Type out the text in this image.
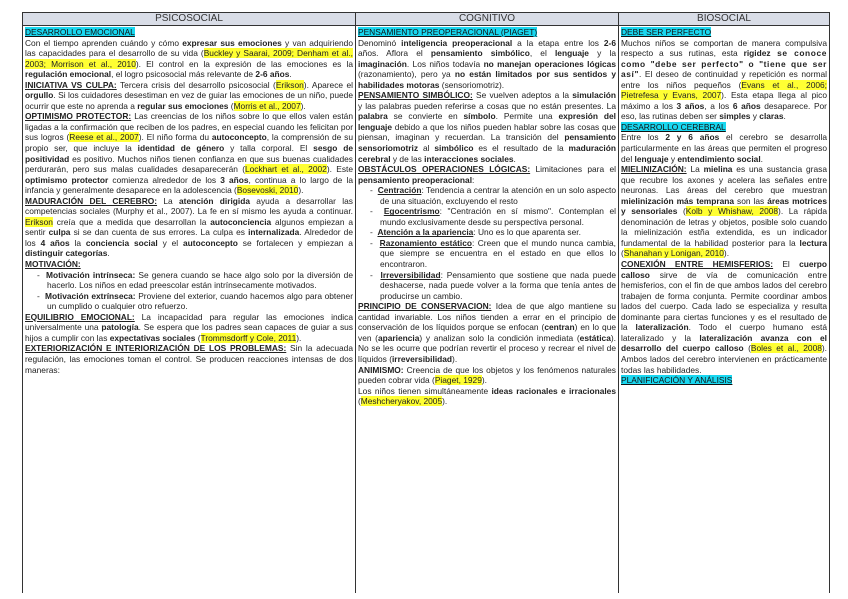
PSICOSOCIAL

DESARROLLO EMOCIONAL
Con el tiempo aprenden cuándo y cómo expresar sus emociones y van adquiriendo las capacidades para el desarrollo de su vida (Buckley y Saarai, 2009; Denham et al., 2003; Morrison et al., 2010). El control en la expresión de las emociones es la regulación emocional, el logro psicosocial más relevante de 2-6 años.

INICIATIVA VS CULPA: Tercera crisis del desarrollo psicosocial (Erikson). Aparece el orgullo. Si los cuidadores desestiman en vez de guiar las emociones de un niño, puede ocurrir que este no aprenda a regular sus emociones (Morris et al., 2007).

OPTIMISMO PROTECTOR: Las creencias de los niños sobre lo que ellos valen están ligadas a la confirmación que reciben de los padres, en especial cuando les felicitan por sus logros (Reese et al., 2007). El niño forma du autoconcepto, la comprensión de su propio ser, que incluye la identidad de género y talla corporal. El sesgo de positividad es positivo. Muchos niños tienen confianza en que sus buenas cualidades perdurarán, pero sus malas cualidades desaparecerán (Lockhart et al., 2002). Este optimismo protector comienza alrededor de los 3 años, continua a lo largo de la infancia y generalmente desaparece en la adolescencia (Bosevoski, 2010).

MADURACIÓN DEL CEREBRO: La atención dirigida ayuda a desarrollar las competencias sociales (Murphy et al., 2007). La fe en sí mismo les ayuda a continuar. Erikson creía que a medida que desarrollan la autoconciencia algunos empiezan a sentir culpa si se dan cuenta de sus errores. La culpa es internalizada. Alrededor de los 4 años la conciencia social y el autoconcepto se fortalecen y empiezan a distinguir categorías.

MOTIVACIÓN:

-  Motivación intrínseca: Se genera cuando se hace algo solo por la diversión de hacerlo. Los niños en edad preescolar están intrínsecamente motivados.

-  Motivación extrínseca: Proviene del exterior, cuando hacemos algo para obtener un cumplido o cualquier otro refuerzo.

EQUILIBRIO EMOCIONAL: La incapacidad para regular las emociones indica universalmente una patología. Se espera que los padres sean capaces de guiar a sus hijos a cumplir con las expectativas sociales (Trommsdorff y Cole, 2011).

EXTERIORIZACIÓN E INTERIORIZACIÓN DE LOS PROBLEMAS: Sin la adecuada regulación, las emociones toman el control. Se producen reacciones intensas de dos maneras:

COGNITIVO

PENSAMIENTO PREOPERACIONAL (PIAGET)
Denominó inteligencia preoperacional a la etapa entre los 2-6 años. Aflora el pensamiento simbólico, el lenguaje y la imaginación. Los niños todavía no manejan operaciones lógicas (razonamiento), pero ya no están limitados por sus sentidos y habilidades motoras (sensoriomotriz).

PENSAMIENTO SIMBÓLICO: Se vuelven adeptos a la simulación y las palabras pueden referirse a cosas que no están presentes. La palabra se convierte en símbolo. Permite una expresión del lenguaje debido a que los niños pueden hablar sobre las cosas que piensan, imaginan y recuerdan. La transición del pensamiento sensoriomotriz al simbólico es el resultado de la maduración cerebral y de las interacciones sociales.

OBSTÁCULOS OPERACIONES LÓGICAS: Limitaciones para el pensamiento preoperacional:

-  Centración: Tendencia a centrar la atención en un solo aspecto de una situación, excluyendo el resto

-  Egocentrismo: "Centración en sí mismo". Contemplan el mundo exclusivamente desde su perspectiva personal.

-  Atención a la apariencia: Uno es lo que aparenta ser.

-  Razonamiento estático: Creen que el mundo nunca cambia, que siempre se encuentra en el estado en que ellos lo encontraron.

-  Irreversibilidad: Pensamiento que sostiene que nada puede deshacerse, nada puede volver a la forma que tenía antes de producirse un cambio.

PRINCIPIO DE CONSERVACION: Idea de que algo mantiene su cantidad invariable. Los niños tienden a errar en el principio de conservación de los líquidos porque se enfocan (centran) en lo que ven (apariencia) y analizan solo la condición inmediata (estática). No se les ocurre que podrían revertir el proceso y recrear el nivel de líquidos (irreversibilidad).

ANIMISMO: Creencia de que los objetos y los fenómenos naturales pueden cobrar vida (Piaget, 1929).

Los niños tienen simultáneamente ideas racionales e irracionales (Meshcheryakov, 2005).

BIOSOCIAL

DEBE SER PERFECTO
Muchos niños se comportan de manera compulsiva respecto a sus rutinas, esta rigidez se conoce como "debe ser perfecto" o "tiene que ser así". El deseo de continuidad y repetición es normal entre los niños pequeños (Evans et al., 2006; Pietrefesa y Evans, 2007). Esta etapa llega al pico máximo a los 3 años, a los 6 años desaparece. Por eso, las rutinas deben ser simples y claras.

DESARROLLO CEREBRAL
Entre los 2 y 6 años el cerebro se desarrolla particularmente en las áreas que permiten el progreso del lenguaje y entendimiento social.

MIELINIZACIÓN: La mielina es una sustancia grasa que recubre los axones y acelera las señales entre neuronas. Las áreas del cerebro que muestran mielinización más temprana son las áreas motrices y sensoriales (Kolb y Whishaw, 2008). La rápida denominación de letras y objetos, posible solo cuando la mielinización estña extendida, es un indicador fundamental de la habilidad posterior para la lectura (Shanahan y Lonigan, 2010).

CONEXIÓN ENTRE HEMISFERIOS: El cuerpo calloso sirve de vía de comunicación entre hemisferios, con el fin de que ambos lados del cerebro trabajen de forma conjunta. Permite coordinar ambos lados del cuerpo. Cada lado se especializa y resulta dominante para ciertas funciones y es el resultado de la lateralización. Todo el cuerpo humano está lateralizado y la lateralización avanza con el desarrollo del cuerpo calloso (Boles et al., 2008). Ambos lados del cerebro intervienen en prácticamente todas las habilidades.

PLANIFICACIÓN Y ANÁLISIS
